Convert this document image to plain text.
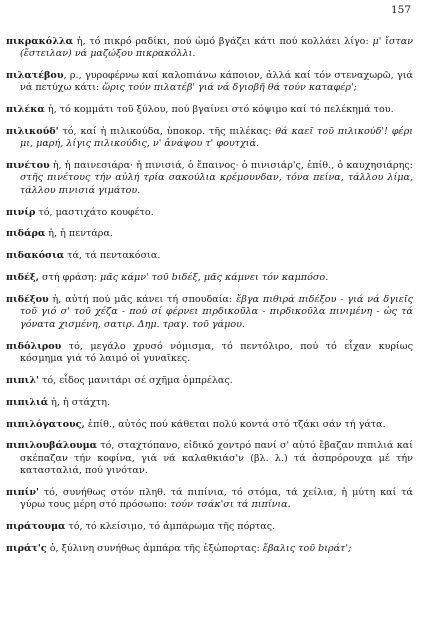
157

πικρακόλλα ἡ, τό πικρό ραδίκι, πού ὠμό βγάζει κάτι πού κολλάει λίγο: μ' ἴσταν (ἔστειλαν) νά μαζώξου πικρακόλλι.

πιλατέβου, ρ., γυροφέρνω καί καλοπιάνω κάποιον, ἀλλά καί τόν στεναχωρῶ, γιά νά πετύχω κάτι: ὥρις τούν πιλατέβ' γιά νά δγιοβῆ θά τούν καταφέρ';

πιλέκα ἡ, τό κομμάτι τοῦ ξύλου, πού βγαίνει στό κόψιμο καί τό πελέκημά του.

πιλικούδ' τό, καί ἡ πιλικούδα, ὑποκορ. τῆς πιλέκας: θά καεῖ τοῦ πιλικούδ'! φέρι μι, μαρή, λίγις πιλικούδις, ν' ἀνάψου τ' φουτχιά.

πινέτου ἡ, ἡ παινεσιάρα· ἡ πινισιά, ὁ ἔπαινος· ὁ πινισιάρ'ς, ἐπίθ., ὁ καυχησιάρης: στῆς πινέτους τήν αὐλή τρία σακούλια κρέμουνδαν, τόνα πείνα, τάλλου λίμα, τάλλου πινισιά γιμάτου.

πινίρ τό, μαστιχάτο κουφέτο.

πιδάρα ἡ, ἡ πεντάρα.

πιδακόσια τά, τά πεντακόσια.

πιδέξ, στή φράση: μᾶς κάμν' τοῦ bιδέξ, μᾶς κάμνει τόν καμπόσο.

πιδέξου ἡ, αὐτή πού μᾶς κάνει τή σπουδαία: ἔβγα πιθιρά πιδέξου - γιά νά δγιεῖς τοῦ γιό σ' τοῦ χέζα - πού σί φέρνει πιρδικοῦλα - πιρδικοῦλα πινιμένη - ὡς τά γόνατα χισμένη, σατιρ. Δημ. τραγ. τοῦ γάμου.

πιδόλιρου τό, μεγάλο χρυσό νόμισμα, τό πεντόλιρο, πού τό εἶχαν κυρίως κόσμημα γιά τό λαιμό οἱ γυναῖκες.

πιπιλ' τό, εἶδος μανιτάρι σέ σχῆμα ὀμπρέλας.

πιπιλιά ἡ, ἡ στάχτη.

πιπιλόγατους, ἐπίθ., αὐτός πού κάθεται πολύ κοντά στό τζάκι σάν τή γάτα.

πιπιλουβάλουμα τό, σταχτόπανο, εἰδικό χοντρό πανί σ' αὐτό ἔβαζαν πιπιλιά καί σκέπαζαν τήν κοφίνα, γιά νά καλαθκιάσ'ν (βλ. λ.) τά ἀσπρόρουχα μέ τήν κατασταλιά, πού γινόταν.

πιπίν' τό, συνήθως στόν πληθ. τά πιπίνια, τό στόμα, τά χείλια, ἡ μύτη καί τά γύρω τους μέρη στό πρόσωπο: τούν τσάκ'σι τά πιπίνια.

πιράτουμα τό, τό κλείσιμο, τό ἀμπάρωμα τῆς πόρτας.

πιράτ'ς ὁ, ξύλινη συνήθως ἀμπάρα τῆς ἐξώπορτας: ἔβαλις τοῦ bιράτ';
